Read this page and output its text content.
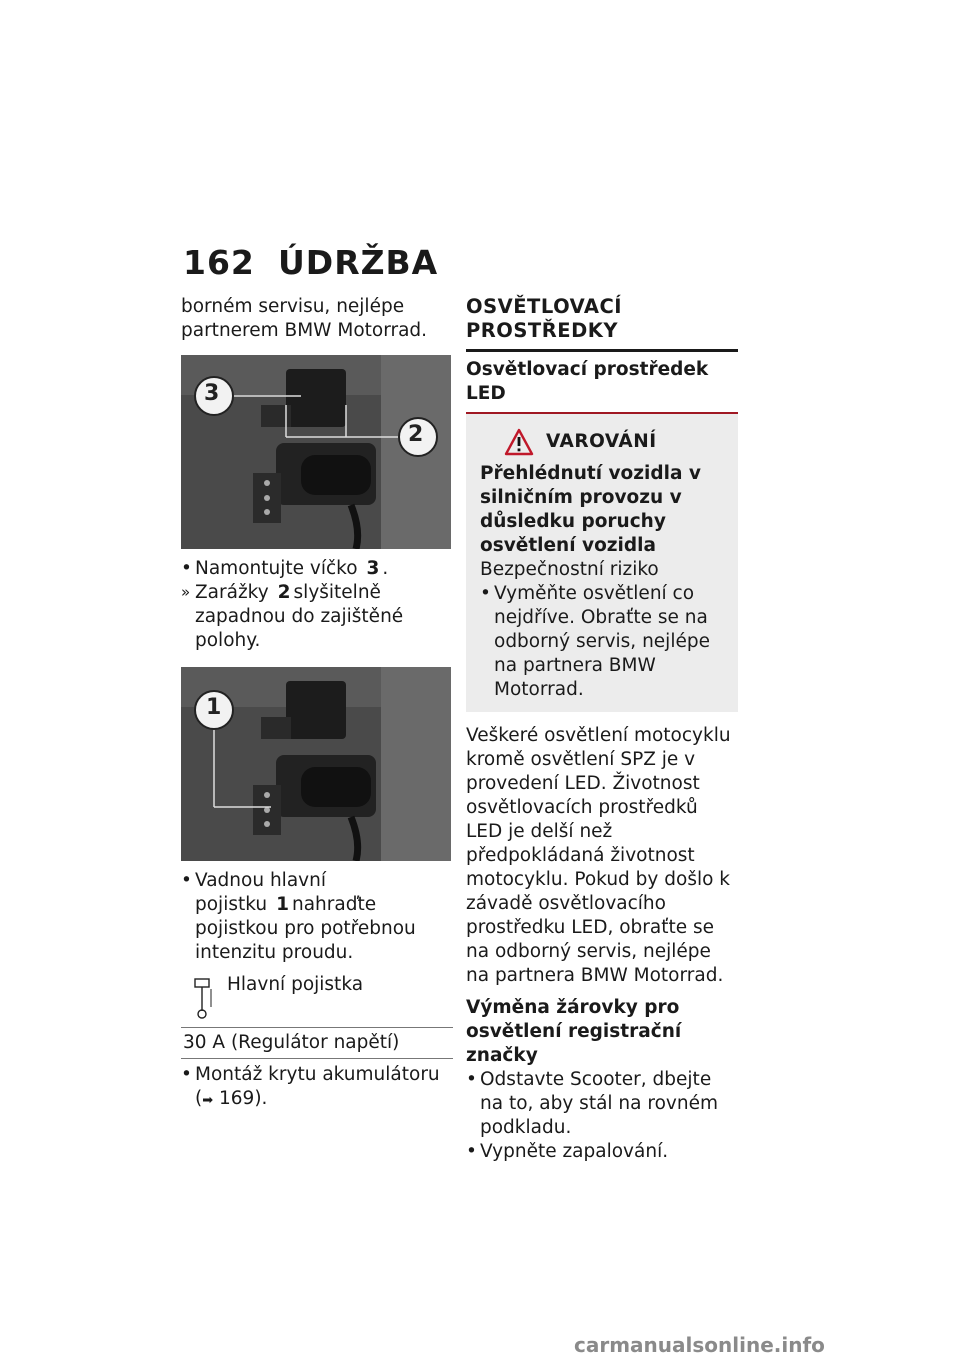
162 ÚDRŽBA

borném servisu, nejlépe partnerem BMW Motorrad.

3
2
• Namontujte víčko 3 .
» Zarážky 2 slyšitelně zapadnou do zajištěné polohy.
1
• Vadnou hlavní pojistku 1 nahraďte pojistkou pro potřebnou intenzitu proudu.
Hlavní pojistka
30 A (Regulátor napětí)
• Montáž krytu akumulátoru
(➡ 169).
OSVĚTLOVACÍ PROSTŘEDKY
Osvětlovací prostředek LED
VAROVÁNÍ

Přehlédnutí vozidla v silničním provozu v důsledku poruchy osvětlení vozidla

Bezpečnostní riziko

• Vyměňte osvětlení co nejdříve. Obraťte se na odborný servis, nejlépe na partnera BMW Motorrad.

Veškeré osvětlení motocyklu kromě osvětlení SPZ je v provedení LED. Životnost osvětlovacích prostředků LED je delší než předpokládaná životnost motocyklu. Pokud by došlo k závadě osvětlovacího prostředku LED, obraťte se na odborný servis, nejlépe na partnera BMW Motorrad.

Výměna žárovky pro osvětlení registrační značky

• Odstavte Scooter, dbejte na to, aby stál na rovném podkladu.
• Vypněte zapalování.
carmanualsonline.info
